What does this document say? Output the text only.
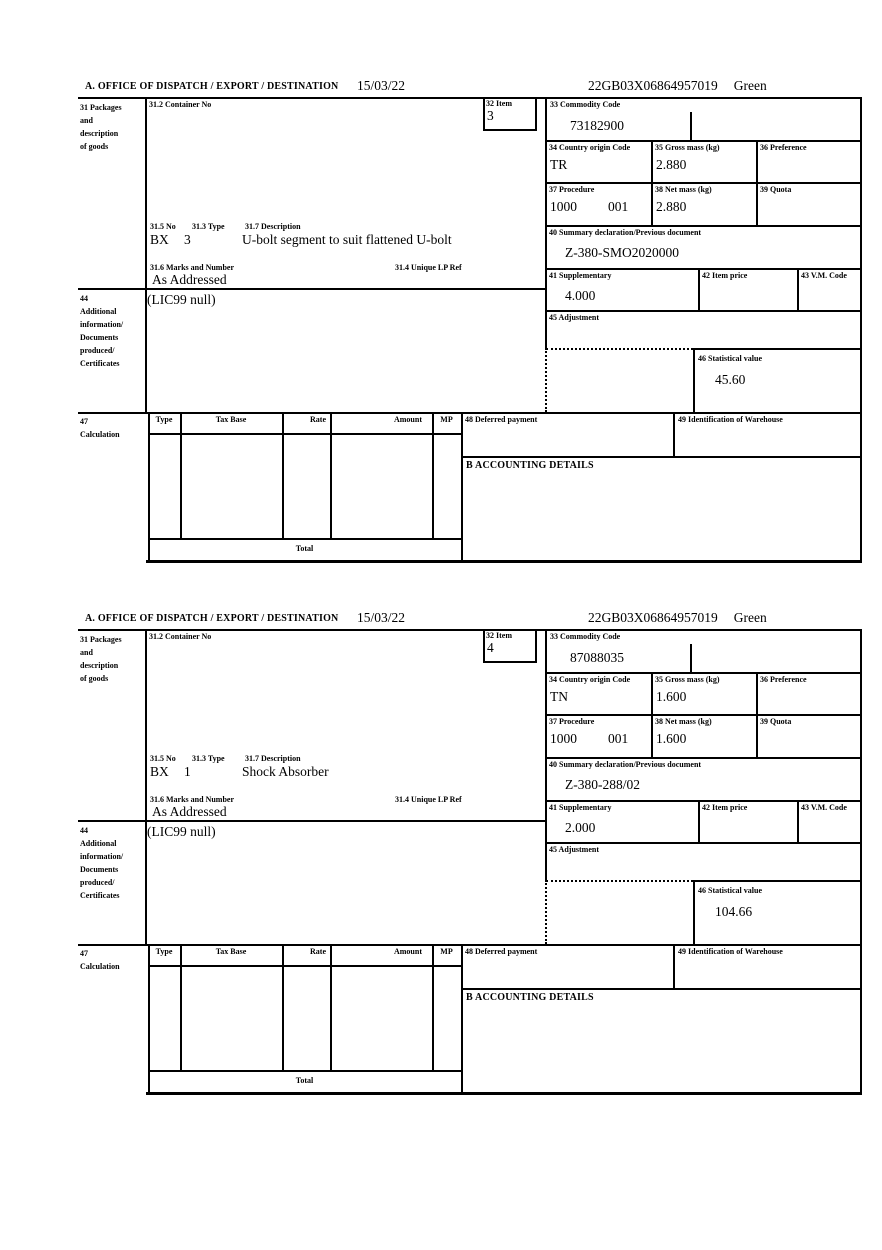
A. OFFICE OF DISPATCH / EXPORT / DESTINATION 15/03/22	22GB03X06864957019 Green
31 Packages
and
description
of goods
44
Additional
information/
Documents
produced/
Certificates
47
Calculation
31.2 Container No	32 Item
3
31.5 No 31.3 Type	31.7 Description
BX 3	U-bolt segment to suit flattened U-bolt
31.6 Marks and Number	31.4 Unique LP Ref
As Addressed
(LIC99 null)
33 Commodity Code
73182900
34 Country origin Code
TR
35 Gross mass (kg)
2.880
36 Preference
37 Procedure
1000 001
38 Net mass (kg)
2.880
39 Quota
40 Summary declaration/Previous document
Z-380-SMO2020000
41 Supplementary
4.000
42 Item price	43 V.M. Code
45 Adjustment
46 Statistical value
45.60
Type	Tax Base	Rate	Amount	MP
Total
48 Deferred payment	49 Identification of Warehouse
B ACCOUNTING DETAILS
A. OFFICE OF DISPATCH / EXPORT / DESTINATION 15/03/22	22GB03X06864957019 Green
31 Packages
and
description
of goods
44
Additional
information/
Documents
produced/
Certificates
47
Calculation
31.2 Container No	32 Item
4
31.5 No 31.3 Type	31.7 Description
BX 1	Shock Absorber
31.6 Marks and Number	31.4 Unique LP Ref
As Addressed
(LIC99 null)
33 Commodity Code
87088035
34 Country origin Code
TN
35 Gross mass (kg)
1.600
36 Preference
37 Procedure
1000 001
38 Net mass (kg)
1.600
39 Quota
40 Summary declaration/Previous document
Z-380-288/02
41 Supplementary
2.000
42 Item price	43 V.M. Code
45 Adjustment
46 Statistical value
104.66
Type	Tax Base	Rate	Amount	MP
Total
48 Deferred payment	49 Identification of Warehouse
B ACCOUNTING DETAILS
